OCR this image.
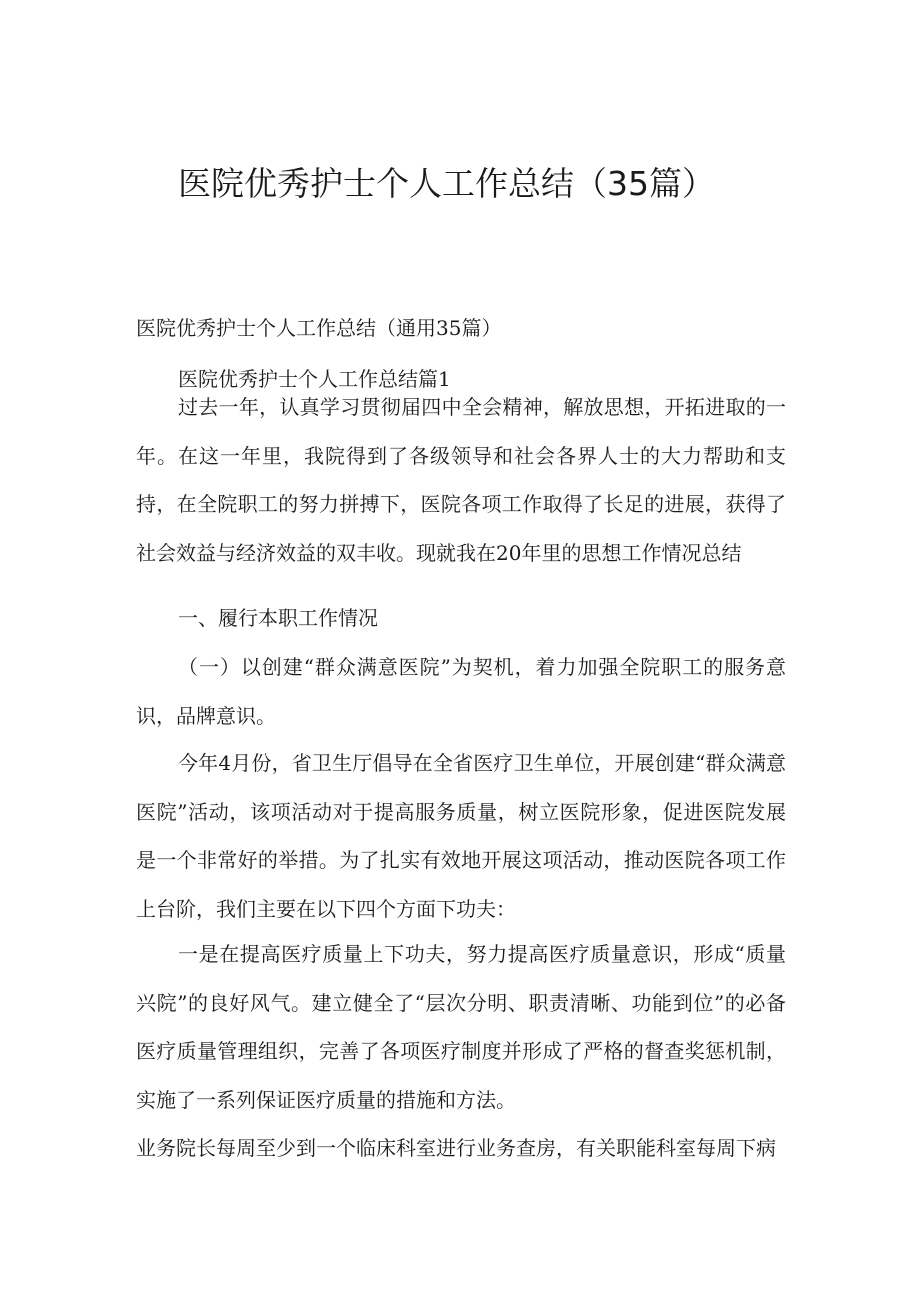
医院优秀护士个人工作总结（35篇）

医院优秀护士个人工作总结（通用35篇）

医院优秀护士个人工作总结篇1

过去一年，认真学习贯彻届四中全会精神，解放思想，开拓进取的一年。在这一年里，我院得到了各级领导和社会各界人士的大力帮助和支持，在全院职工的努力拼搏下，医院各项工作取得了长足的进展，获得了社会效益与经济效益的双丰收。现就我在20年里的思想工作情况总结

一、履行本职工作情况

（一）以创建“群众满意医院”为契机，着力加强全院职工的服务意识，品牌意识。

今年4月份，省卫生厅倡导在全省医疗卫生单位，开展创建“群众满意医院”活动，该项活动对于提高服务质量，树立医院形象，促进医院发展是一个非常好的举措。为了扎实有效地开展这项活动，推动医院各项工作上台阶，我们主要在以下四个方面下功夫：

一是在提高医疗质量上下功夫，努力提高医疗质量意识，形成“质量兴院”的良好风气。建立健全了“层次分明、职责清晰、功能到位”的必备医疗质量管理组织，完善了各项医疗制度并形成了严格的督查奖惩机制，实施了一系列保证医疗质量的措施和方法。

业务院长每周至少到一个临床科室进行业务查房，有关职能科室每周下病
